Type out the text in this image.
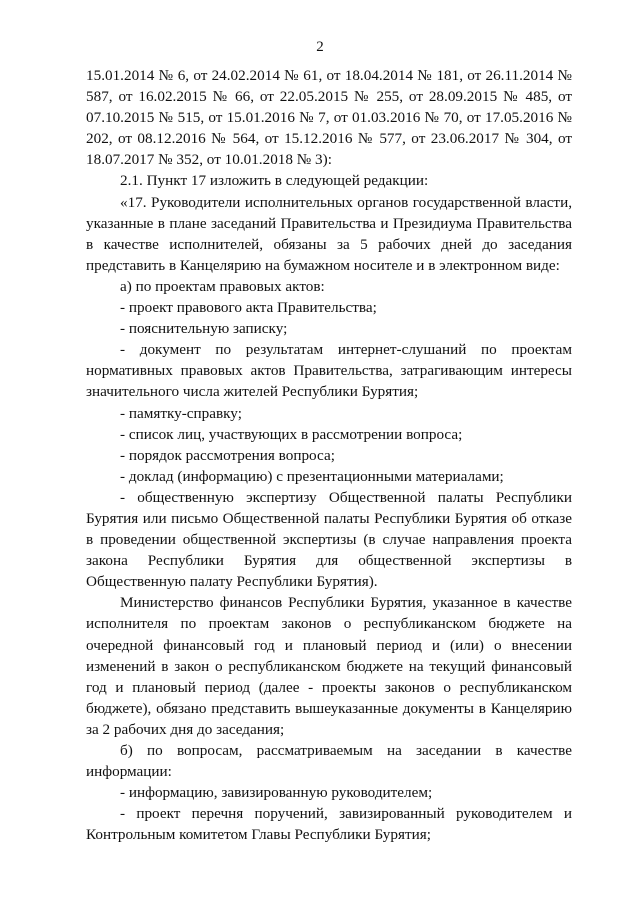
2

15.01.2014 № 6, от 24.02.2014 № 61, от 18.04.2014 № 181, от 26.11.2014 № 587, от 16.02.2015 № 66, от 22.05.2015 № 255, от 28.09.2015 № 485, от 07.10.2015 № 515, от 15.01.2016 № 7, от 01.03.2016 № 70, от 17.05.2016 № 202, от 08.12.2016 № 564, от 15.12.2016 № 577, от 23.06.2017 № 304, от 18.07.2017 № 352, от 10.01.2018 № 3):

2.1. Пункт 17 изложить в следующей редакции:

«17. Руководители исполнительных органов государственной власти, указанные в плане заседаний Правительства и Президиума Правительства в качестве исполнителей, обязаны за 5 рабочих дней до заседания представить в Канцелярию на бумажном носителе и в электронном виде:

а) по проектам правовых актов:

- проект правового акта Правительства;

- пояснительную записку;

- документ по результатам интернет-слушаний по проектам нормативных правовых актов Правительства, затрагивающим интересы значительного числа жителей Республики Бурятия;

- памятку-справку;

- список лиц, участвующих в рассмотрении вопроса;

- порядок рассмотрения вопроса;

- доклад (информацию) с презентационными материалами;

- общественную экспертизу Общественной палаты Республики Бурятия или письмо Общественной палаты Республики Бурятия об отказе в проведении общественной экспертизы (в случае направления проекта закона Республики Бурятия для общественной экспертизы в Общественную палату Республики Бурятия).

Министерство финансов Республики Бурятия, указанное в качестве исполнителя по проектам законов о республиканском бюджете на очередной финансовый год и плановый период и (или) о внесении изменений в закон о республиканском бюджете на текущий финансовый год и плановый период (далее - проекты законов о республиканском бюджете), обязано представить вышеуказанные документы в Канцелярию за 2 рабочих дня до заседания;

б) по вопросам, рассматриваемым на заседании в качестве информации:

- информацию, завизированную руководителем;

- проект перечня поручений, завизированный руководителем и Контрольным комитетом Главы Республики Бурятия;
